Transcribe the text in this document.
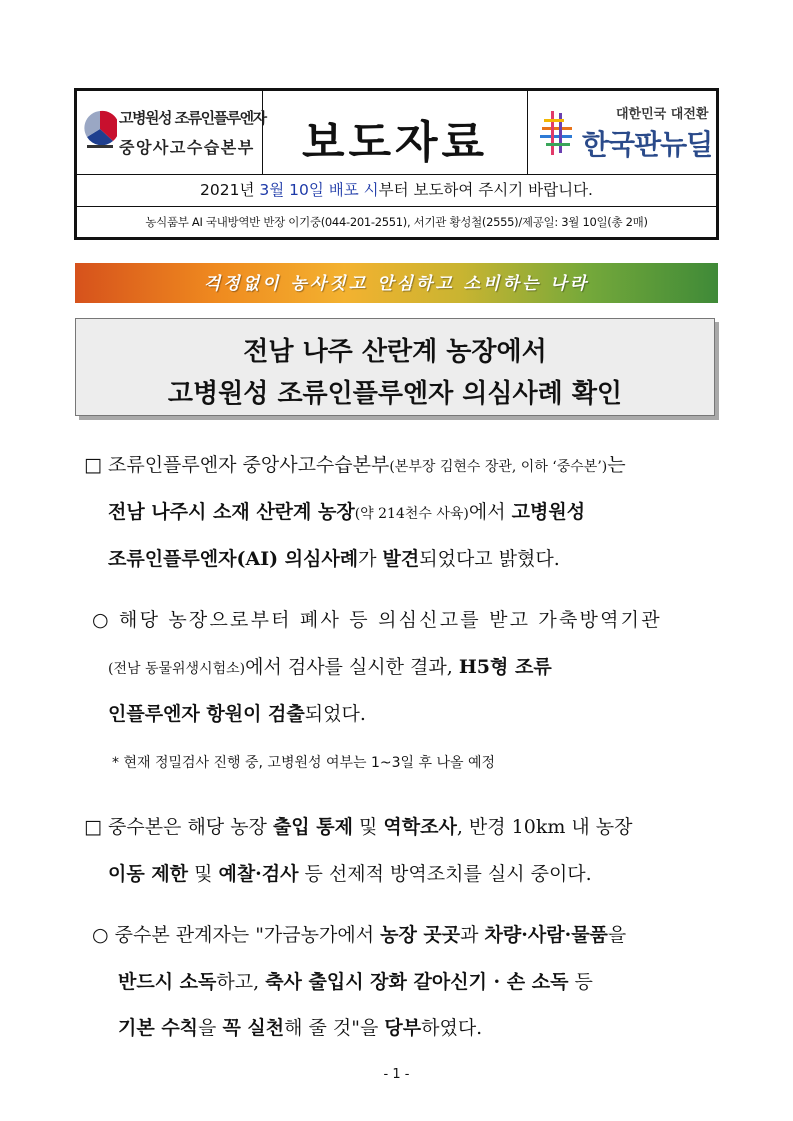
고병원성 조류인플루엔자
중앙사고수습본부	보도자료
대한민국 대전환
한국판뉴딜
2021년 3월 10일 배포 시부터 보도하여 주시기 바랍니다.
농식품부 AI 국내방역반 반장 이기중(044-201-2551), 서기관 황성철(2555)/제공일: 3월 10일(총 2매)
걱정없이 농사짓고 안심하고 소비하는 나라
전남 나주 산란계 농장에서
고병원성 조류인플루엔자 의심사례 확인
□ 조류인플루엔자 중앙사고수습본부(본부장 김현수 장관, 이하 ‘중수본’)는
전남 나주시 소재 산란계 농장(약 214천수 사육)에서 고병원성
조류인플루엔자(AI) 의심사례가 발견되었다고 밝혔다.
○ 해당 농장으로부터 폐사 등 의심신고를 받고 가축방역기관
(전남 동물위생시험소)에서 검사를 실시한 결과, H5형 조류
인플루엔자 항원이 검출되었다.
* 현재 정밀검사 진행 중, 고병원성 여부는 1~3일 후 나올 예정
□ 중수본은 해당 농장 출입 통제 및 역학조사, 반경 10km 내 농장
이동 제한 및 예찰·검사 등 선제적 방역조치를 실시 중이다.
○ 중수본 관계자는 "가금농가에서 농장 곳곳과 차량·사람·물품을
반드시 소독하고, 축사 출입시 장화 갈아신기 · 손 소독 등
기본 수칙을 꼭 실천해 줄 것"을 당부하였다.
- 1 -
